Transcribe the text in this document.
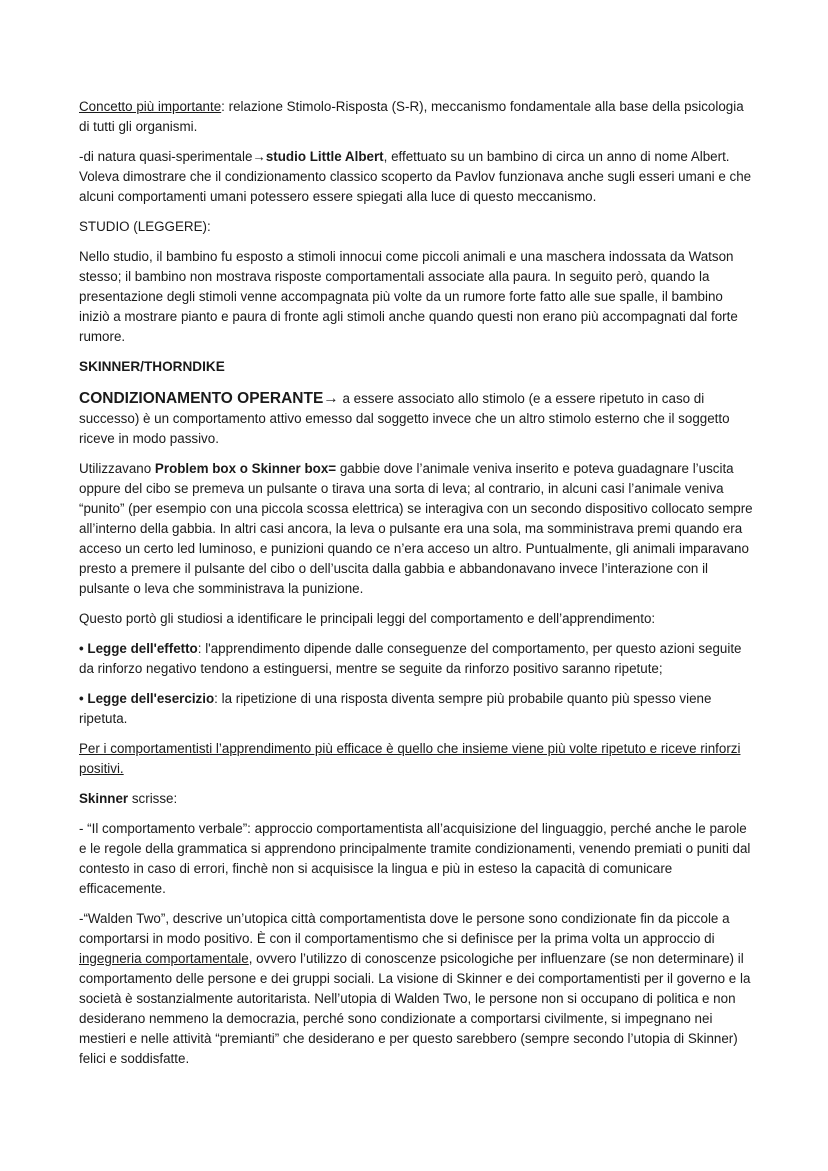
Concetto più importante: relazione Stimolo-Risposta (S-R), meccanismo fondamentale alla base della psicologia di tutti gli organismi.

-di natura quasi-sperimentale→studio Little Albert, effettuato su un bambino di circa un anno di nome Albert. Voleva dimostrare che il condizionamento classico scoperto da Pavlov funzionava anche sugli esseri umani e che alcuni comportamenti umani potessero essere spiegati alla luce di questo meccanismo.

STUDIO (LEGGERE):

Nello studio, il bambino fu esposto a stimoli innocui come piccoli animali e una maschera indossata da Watson stesso; il bambino non mostrava risposte comportamentali associate alla paura. In seguito però, quando la presentazione degli stimoli venne accompagnata più volte da un rumore forte fatto alle sue spalle, il bambino iniziò a mostrare pianto e paura di fronte agli stimoli anche quando questi non erano più accompagnati dal forte rumore.

SKINNER/THORNDIKE

CONDIZIONAMENTO OPERANTE→ a essere associato allo stimolo (e a essere ripetuto in caso di successo) è un comportamento attivo emesso dal soggetto invece che un altro stimolo esterno che il soggetto riceve in modo passivo.

Utilizzavano Problem box o Skinner box= gabbie dove l’animale veniva inserito e poteva guadagnare l’uscita oppure del cibo se premeva un pulsante o tirava una sorta di leva; al contrario, in alcuni casi l’animale veniva “punito” (per esempio con una piccola scossa elettrica) se interagiva con un secondo dispositivo collocato sempre all’interno della gabbia. In altri casi ancora, la leva o pulsante era una sola, ma somministrava premi quando era acceso un certo led luminoso, e punizioni quando ce n’era acceso un altro. Puntualmente, gli animali imparavano presto a premere il pulsante del cibo o dell’uscita dalla gabbia e abbandonavano invece l’interazione con il pulsante o leva che somministrava la punizione.

Questo portò gli studiosi a identificare le principali leggi del comportamento e dell’apprendimento:

• Legge dell'effetto: l'apprendimento dipende dalle conseguenze del comportamento, per questo azioni seguite da rinforzo negativo tendono a estinguersi, mentre se seguite da rinforzo positivo saranno ripetute;

• Legge dell'esercizio: la ripetizione di una risposta diventa sempre più probabile quanto più spesso viene ripetuta.

Per i comportamentisti l’apprendimento più efficace è quello che insieme viene più volte ripetuto e riceve rinforzi positivi.

Skinner scrisse:

- “Il comportamento verbale”: approccio comportamentista all’acquisizione del linguaggio, perché anche le parole e le regole della grammatica si apprendono principalmente tramite condizionamenti, venendo premiati o puniti dal contesto in caso di errori, finchè non si acquisisce la lingua e più in esteso la capacità di comunicare efficacemente.

-“Walden Two”, descrive un’utopica città comportamentista dove le persone sono condizionate fin da piccole a comportarsi in modo positivo. È con il comportamentismo che si definisce per la prima volta un approccio di ingegneria comportamentale, ovvero l’utilizzo di conoscenze psicologiche per influenzare (se non determinare) il comportamento delle persone e dei gruppi sociali. La visione di Skinner e dei comportamentisti per il governo e la società è sostanzialmente autoritarista. Nell’utopia di Walden Two, le persone non si occupano di politica e non desiderano nemmeno la democrazia, perché sono condizionate a comportarsi civilmente, si impegnano nei mestieri e nelle attività “premianti” che desiderano e per questo sarebbero (sempre secondo l’utopia di Skinner) felici e soddisfatte.
